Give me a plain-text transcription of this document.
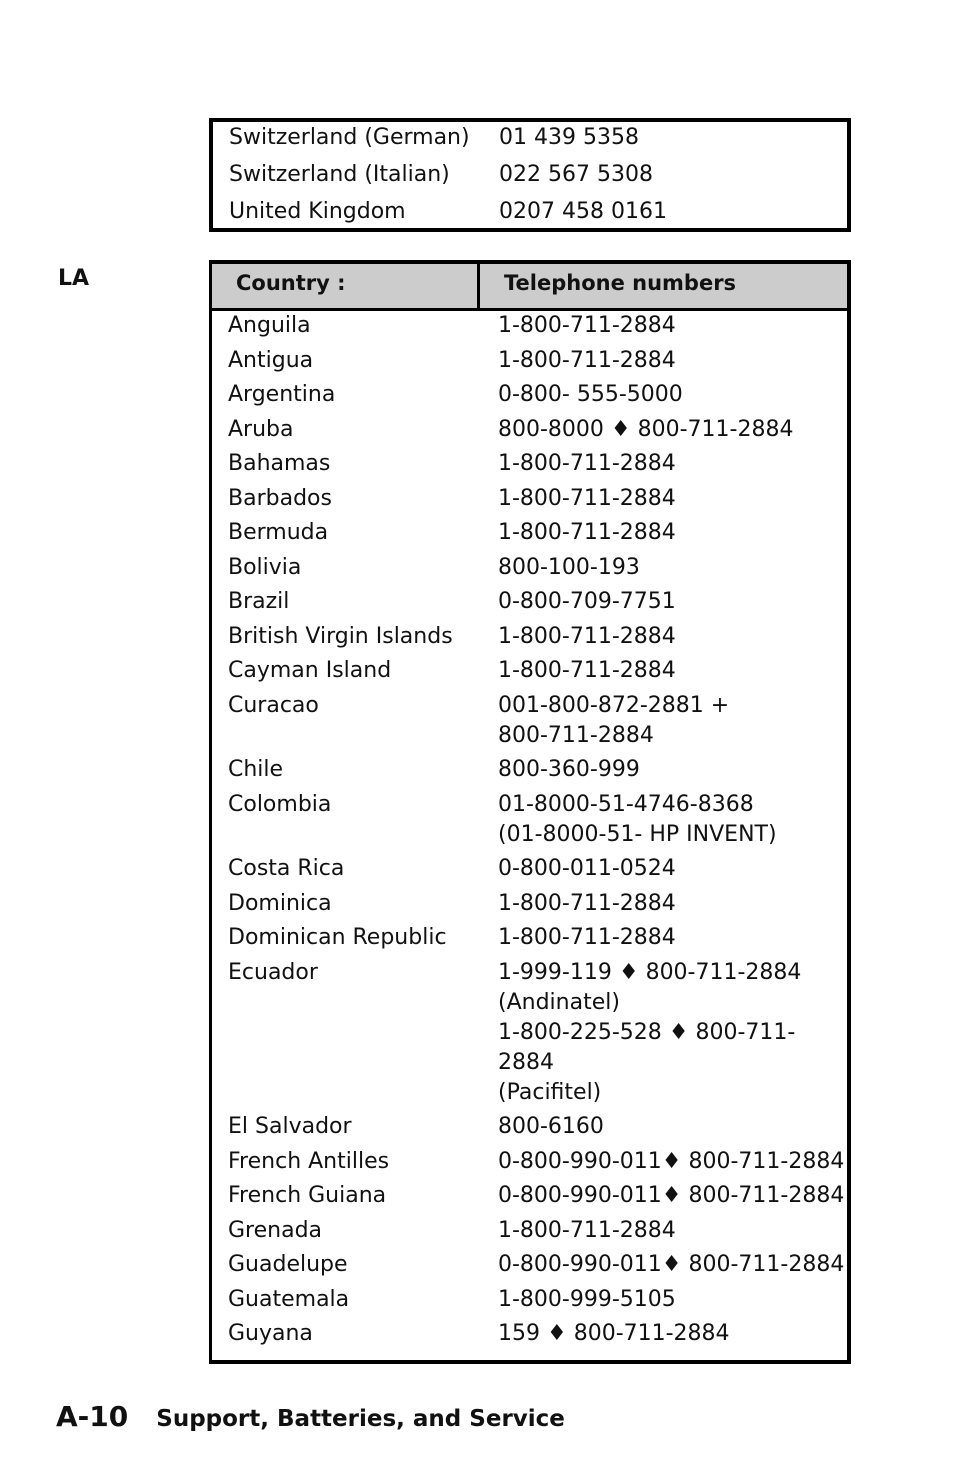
Switzerland (German)	01 439 5358
Switzerland (Italian)	022 567 5308
United Kingdom	0207 458 0161
LA	Country :	Telephone numbers
Anguila	1-800-711-2884
Antigua	1-800-711-2884
Argentina	0-800- 555-5000
Aruba	800-8000 ♦ 800-711-2884
Bahamas	1-800-711-2884
Barbados	1-800-711-2884
Bermuda	1-800-711-2884
Bolivia	800-100-193
Brazil	0-800-709-7751
British Virgin Islands	1-800-711-2884
Cayman Island	1-800-711-2884
Curacao	001-800-872-2881 +
800-711-2884
Chile	800-360-999
Colombia	01-8000-51-4746-8368
(01-8000-51- HP INVENT)
Costa Rica	0-800-011-0524
Dominica	1-800-711-2884
Dominican Republic	1-800-711-2884
Ecuador	1-999-119 ♦ 800-711-2884
(Andinatel)
1-800-225-528 ♦ 800-711-2884
(Pacifitel)
El Salvador	800-6160
French Antilles	0-800-990-011♦ 800-711-2884
French Guiana	0-800-990-011♦ 800-711-2884
Grenada	1-800-711-2884
Guadelupe	0-800-990-011♦ 800-711-2884
Guatemala	1-800-999-5105
Guyana	159 ♦ 800-711-2884
A-10 Support, Batteries, and Service
